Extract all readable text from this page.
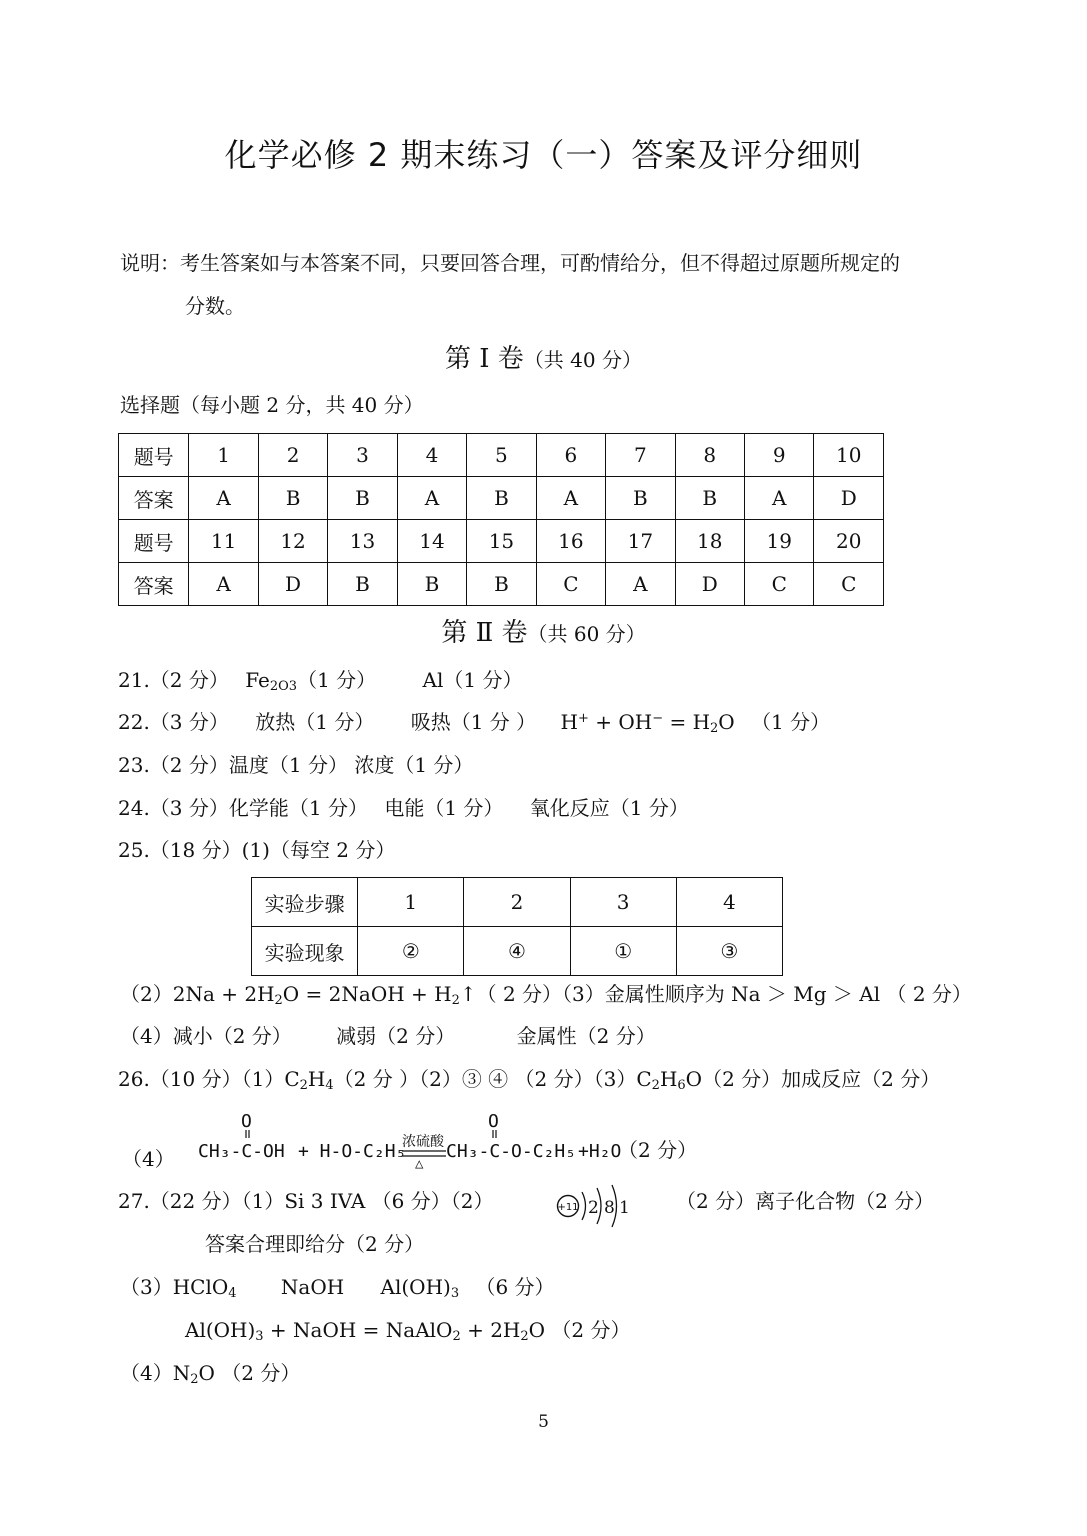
化学必修 2 期末练习（一）答案及评分细则
说明：考生答案如与本答案不同，只要回答合理，可酌情给分，但不得超过原题所规定的
分数。
第 Ⅰ 卷（共 40 分）
选择题（每小题 2 分，共 40 分）
题号	1	2	3	4	5	6	7	8	9	10
答案	A	B	B	A	B	A	B	B	A	D
题号	11	12	13	14	15	16	17	18	19	20
答案	A	D	B	B	B	C	A	D	C	C
第 Ⅱ 卷（共 60 分）
21.（2 分） $Fe_{2O3}(1$ 分） Al（1 分）
22.（3 分） 放热（1 分） 吸热（1 分 ） $H^+ + OH^- = H_2O$ （1 分）
23.（2 分）温度（1 分） 浓度（1 分）
24.（3 分）化学能（1 分） 电能（1 分） 氧化反应（1 分）
25.（18 分）(1)（每空 2 分）
实验步骤	1	2	3	4
实验现象	②	④	①	③
$(2)2Na + 2H_2O$ = 2NaOH + $H_2↑$（ 2 分）（3）金属性顺序为 Na ＞ Mg ＞ Al （ 2 分）
（4）减小（2 分） 减弱（2 分）	金属性（2 分）
26.（10 分）$(1)C_2H_4(2$ 分 ）（2）③ ④ （2 分）$(3)C_2H_6O(2$ 分）加成反应（2 分）
（4）
O
CH₃-C-OH + H-O-C₂H₅
浓硫酸
△
O
CH₃-C-O-C₂H₅ +H₂O
（2 分）
27.（22 分）（1）Si 3 IVA （6 分）（2）	+11 2 8 1 （2 分）离子化合物（2 分）
答案合理即给分（2 分）
（3）HClO$_4$ NaOH $Al(OH)_3$ （6 分）
$Al(OH)_3$ + NaOH = NaAlO$_2$ + $2H_2O$ （2 分）
$(4)N_2O$ （2 分）
5
